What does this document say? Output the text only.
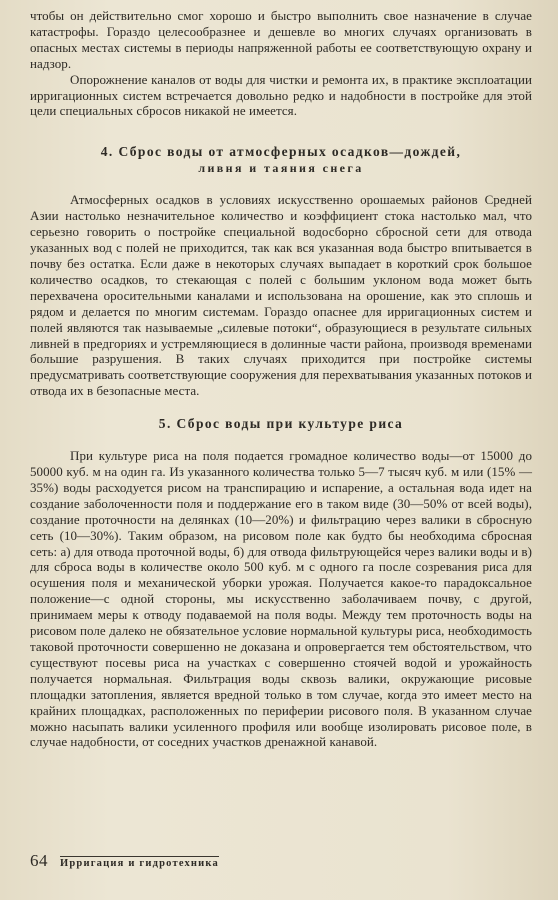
чтобы он действительно смог хорошо и быстро выполнить свое назначение в случае катастрофы. Гораздо целесообразнее и дешевле во многих случаях организовать в опасных местах системы в периоды напряженной работы ее соответствующую охрану и надзор.

Опорожнение каналов от воды для чистки и ремонта их, в практике эксплоатации ирригационных систем встречается довольно редко и надобности в постройке для этой цели специальных сбросов никакой не имеется.

4. Сброс воды от атмосферных осадков—дождей,
ливня и таяния снега

Атмосферных осадков в условиях искусственно орошаемых районов Средней Азии настолько незначительное количество и коэффициент стока настолько мал, что серьезно говорить о постройке специальной водосборно сбросной сети для отвода указанных вод с полей не приходится, так как вся указанная вода быстро впитывается в почву без остатка. Если даже в некоторых случаях выпадает в короткий срок большое количество осадков, то стекающая с полей с большим уклоном вода может быть перехвачена оросительными каналами и использована на орошение, как это сплошь и рядом и делается по многим системам. Гораздо опаснее для ирригационных систем и полей являются так называемые „силевые потоки“, образующиеся в результате сильных ливней в предгориях и устремляющиеся в долинные части района, производя временами большие разрушения. В таких случаях приходится при постройке системы предусматривать соответствующие сооружения для перехватывания указанных потоков и отвода их в безопасные места.

5. Сброс воды при культуре риса

При культуре риса на поля подается громадное количество воды—от 15000 до 50000 куб. м на один га. Из указанного количества только 5—7 тысяч куб. м или (15% —35%) воды расходуется рисом на транспирацию и испарение, а остальная вода идет на создание заболоченности поля и поддержание его в таком виде (30—50% от всей воды), создание проточности на делянках (10—20%) и фильтрацию через валики в сбросную сеть (10—30%). Таким образом, на рисовом поле как будто бы необходима сбросная сеть: а) для отвода проточной воды, б) для отвода фильтрующейся через валики воды и в) для сброса воды в количестве около 500 куб. м с одного га после созревания риса для осушения поля и механической уборки урожая. Получается какое-то парадоксальное положение—с одной стороны, мы искусственно заболачиваем почву, с другой, принимаем меры к отводу подаваемой на поля воды. Между тем проточность воды на рисовом поле далеко не обязательное условие нормальной культуры риса, необходимость таковой проточности совершенно не доказана и опровергается тем обстоятельством, что существуют посевы риса на участках с совершенно стоячей водой и урожайность получается нормальная. Фильтрация воды сквозь валики, окружающие рисовые площадки затопления, является вредной только в том случае, когда это имеет место на крайних площадках, расположенных по периферии рисового поля. В указанном случае можно насыпать валики усиленного профиля или вообще изолировать рисовое поле, в случае надобности, от соседних участков дренажной канавой.

64 Ирригация и гидротехника
